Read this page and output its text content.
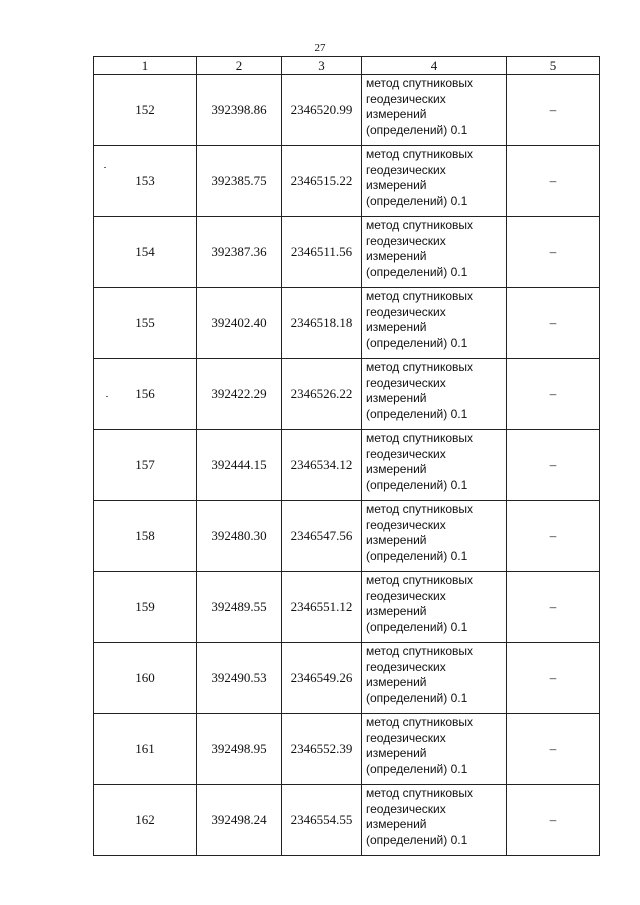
27
1	2	3	4	5
152	392398.86	2346520.99	метод спутниковых
геодезических
измерений
(определений) 0.1	–
153	392385.75	2346515.22	метод спутниковых
геодезических
измерений
(определений) 0.1	–
154	392387.36	2346511.56	метод спутниковых
геодезических
измерений
(определений) 0.1	–
155	392402.40	2346518.18	метод спутниковых
геодезических
измерений
(определений) 0.1	–
156	392422.29	2346526.22	метод спутниковых
геодезических
измерений
(определений) 0.1	–
157	392444.15	2346534.12	метод спутниковых
геодезических
измерений
(определений) 0.1	–
158	392480.30	2346547.56	метод спутниковых
геодезических
измерений
(определений) 0.1	–
159	392489.55	2346551.12	метод спутниковых
геодезических
измерений
(определений) 0.1	–
160	392490.53	2346549.26	метод спутниковых
геодезических
измерений
(определений) 0.1	–
161	392498.95	2346552.39	метод спутниковых
геодезических
измерений
(определений) 0.1	–
162	392498.24	2346554.55	метод спутниковых
геодезических
измерений
(определений) 0.1	–
